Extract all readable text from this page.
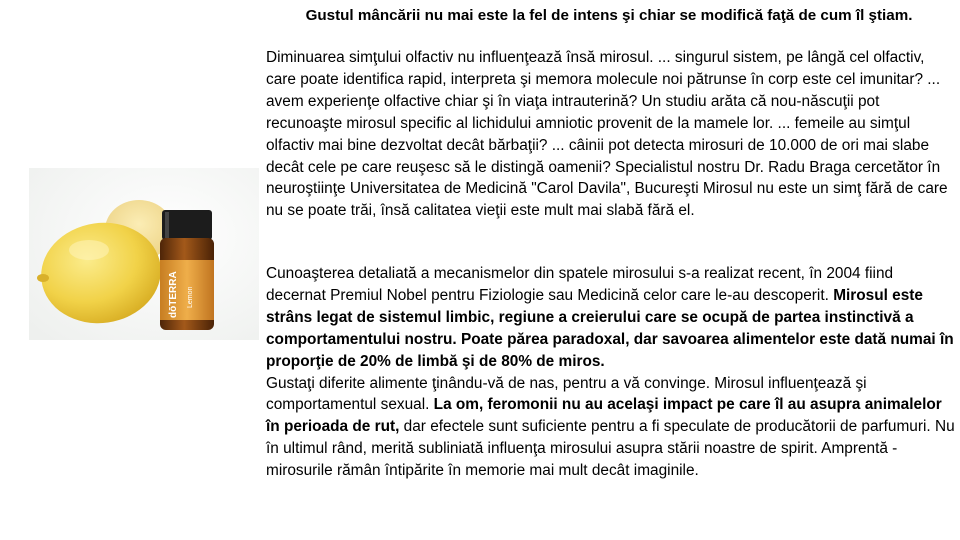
dōTERRA Lemon
Gustul mâncării nu mai este la fel de intens şi chiar se modifică faţă de cum îl ştiam.
Diminuarea simţului olfactiv nu influenţează însă mirosul. ... singurul sistem, pe lângă cel olfactiv, care poate identifica rapid, interpreta şi memora molecule noi pătrunse în corp este cel imunitar? ... avem experienţe olfactive chiar şi în viaţa intrauterină? Un studiu arăta că nou-născuţii pot recunoaşte mirosul specific al lichidului amniotic provenit de la mamele lor. ... femeile au simţul olfactiv mai bine dezvoltat decât bărbaţii? ... câinii pot detecta mirosuri de 10.000 de ori mai slabe decât cele pe care reuşesc să le distingă oamenii? Specialistul nostru Dr. Radu Braga cercetător în neuroştiinţe Universitatea de Medicină "Carol Davila", Bucureşti Mirosul nu este un simţ fără de care nu se poate trăi, însă calitatea vieţii este mult mai slabă fără el.
Cunoaşterea detaliată a mecanismelor din spatele mirosului s-a realizat recent, în 2004 fiind decernat Premiul Nobel pentru Fiziologie sau Medicină celor care le-au descoperit. Mirosul este strâns legat de sistemul limbic, regiune a creierului care se ocupă de partea instinctivă a comportamentului nostru. Poate părea paradoxal, dar savoarea alimentelor este dată numai în proporţie de 20% de limbă şi de 80% de miros.
Gustaţi diferite alimente ţinându-vă de nas, pentru a vă convinge. Mirosul influenţează şi comportamentul sexual. La om, feromonii nu au acelaşi impact pe care îl au asupra animalelor în perioada de rut, dar efectele sunt suficiente pentru a fi speculate de producătorii de parfumuri. Nu în ultimul rând, merită subliniată influenţa mirosului asupra stării noastre de spirit. Amprentă - mirosurile rămân întipărite în memorie mai mult decât imaginile.
